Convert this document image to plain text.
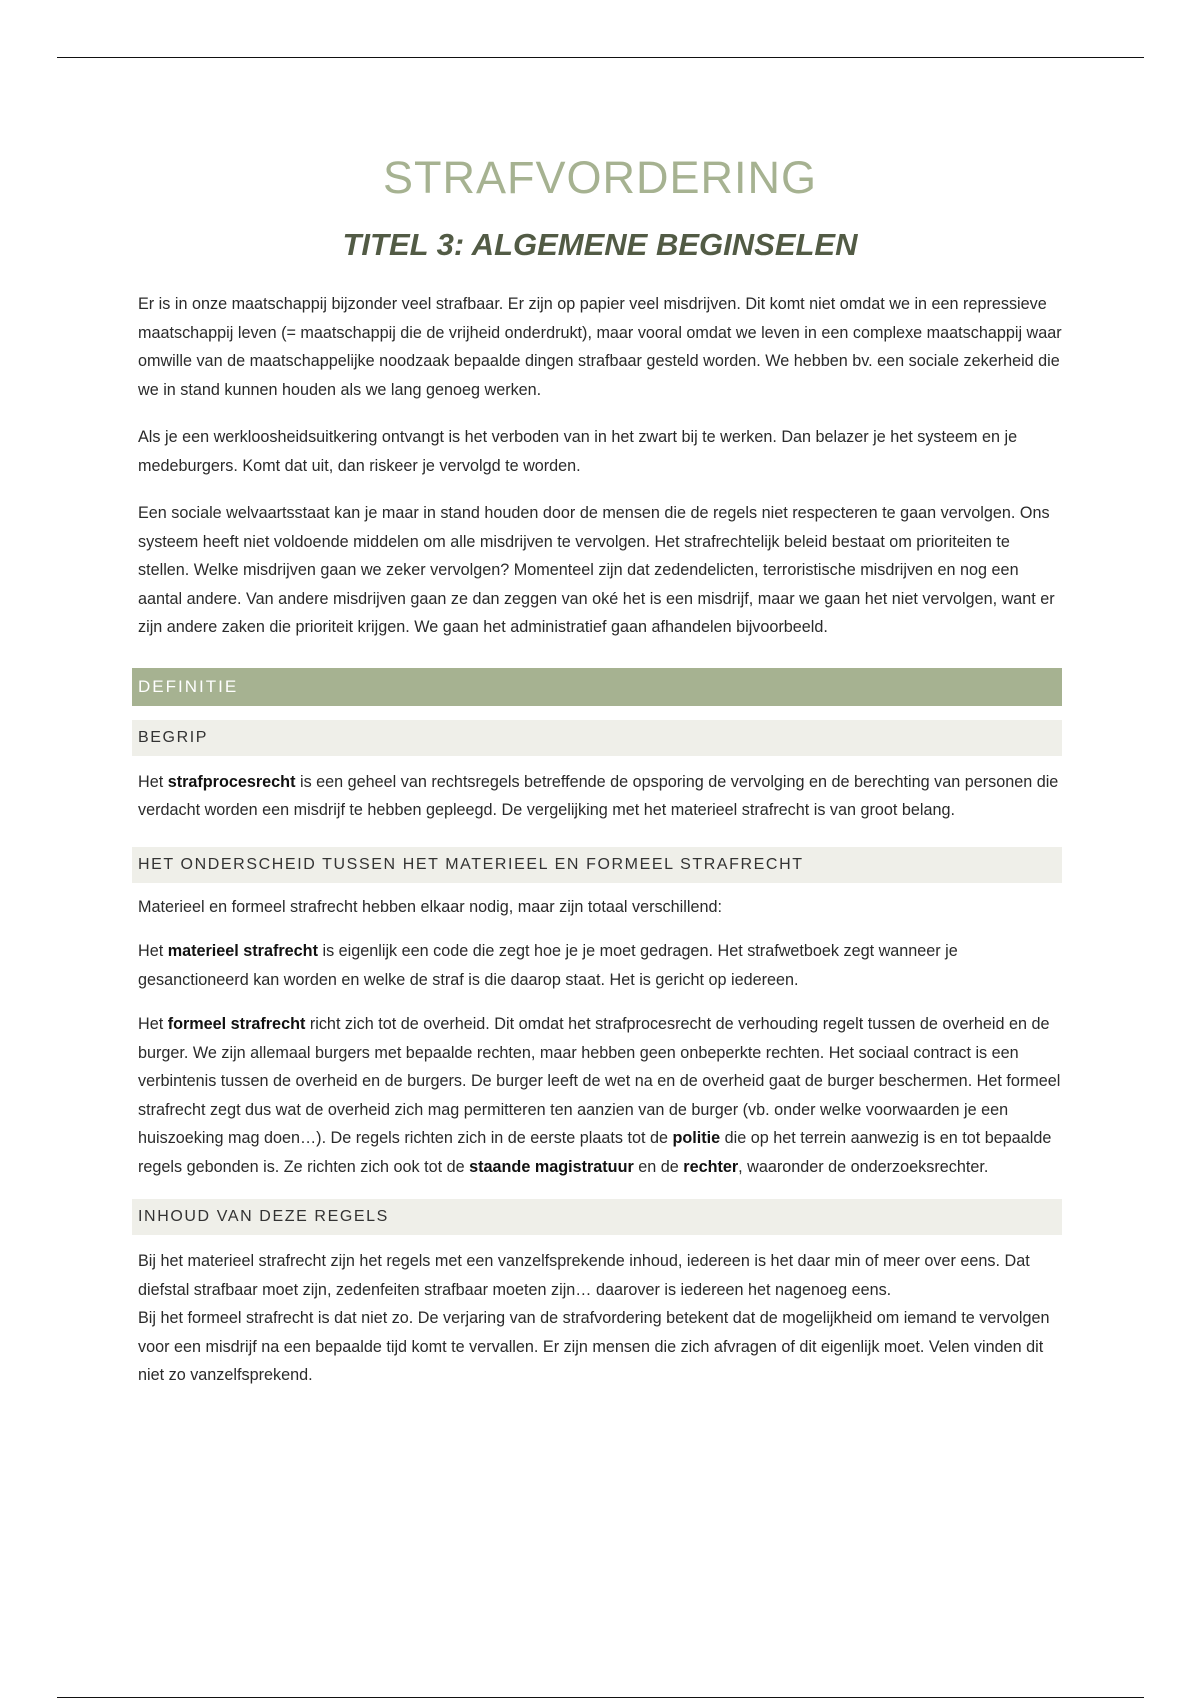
STRAFVORDERING
TITEL 3: ALGEMENE BEGINSELEN

Er is in onze maatschappij bijzonder veel strafbaar. Er zijn op papier veel misdrijven. Dit komt niet omdat we in een repressieve maatschappij leven (= maatschappij die de vrijheid onderdrukt), maar vooral omdat we leven in een complexe maatschappij waar omwille van de maatschappelijke noodzaak bepaalde dingen strafbaar gesteld worden. We hebben bv. een sociale zekerheid die we in stand kunnen houden als we lang genoeg werken.

Als je een werkloosheidsuitkering ontvangt is het verboden van in het zwart bij te werken. Dan belazer je het systeem en je medeburgers. Komt dat uit, dan riskeer je vervolgd te worden.

Een sociale welvaartsstaat kan je maar in stand houden door de mensen die de regels niet respecteren te gaan vervolgen. Ons systeem heeft niet voldoende middelen om alle misdrijven te vervolgen. Het strafrechtelijk beleid bestaat om prioriteiten te stellen. Welke misdrijven gaan we zeker vervolgen? Momenteel zijn dat zedendelicten, terroristische misdrijven en nog een aantal andere. Van andere misdrijven gaan ze dan zeggen van oké het is een misdrijf, maar we gaan het niet vervolgen, want er zijn andere zaken die prioriteit krijgen. We gaan het administratief gaan afhandelen bijvoorbeeld.

DEFINITIE
BEGRIP

Het strafprocesrecht is een geheel van rechtsregels betreffende de opsporing de vervolging en de berechting van personen die verdacht worden een misdrijf te hebben gepleegd. De vergelijking met het materieel strafrecht is van groot belang.

HET ONDERSCHEID TUSSEN HET MATERIEEL EN FORMEEL STRAFRECHT

Materieel en formeel strafrecht hebben elkaar nodig, maar zijn totaal verschillend:

Het materieel strafrecht is eigenlijk een code die zegt hoe je je moet gedragen. Het strafwetboek zegt wanneer je gesanctioneerd kan worden en welke de straf is die daarop staat. Het is gericht op iedereen.

Het formeel strafrecht richt zich tot de overheid. Dit omdat het strafprocesrecht de verhouding regelt tussen de overheid en de burger. We zijn allemaal burgers met bepaalde rechten, maar hebben geen onbeperkte rechten. Het sociaal contract is een verbintenis tussen de overheid en de burgers. De burger leeft de wet na en de overheid gaat de burger beschermen. Het formeel strafrecht zegt dus wat de overheid zich mag permitteren ten aanzien van de burger (vb. onder welke voorwaarden je een huiszoeking mag doen…). De regels richten zich in de eerste plaats tot de politie die op het terrein aanwezig is en tot bepaalde regels gebonden is. Ze richten zich ook tot de staande magistratuur en de rechter, waaronder de onderzoeksrechter.

INHOUD VAN DEZE REGELS

Bij het materieel strafrecht zijn het regels met een vanzelfsprekende inhoud, iedereen is het daar min of meer over eens. Dat diefstal strafbaar moet zijn, zedenfeiten strafbaar moeten zijn… daarover is iedereen het nagenoeg eens.

Bij het formeel strafrecht is dat niet zo. De verjaring van de strafvordering betekent dat de mogelijkheid om iemand te vervolgen voor een misdrijf na een bepaalde tijd komt te vervallen. Er zijn mensen die zich afvragen of dit eigenlijk moet. Velen vinden dit niet zo vanzelfsprekend.
